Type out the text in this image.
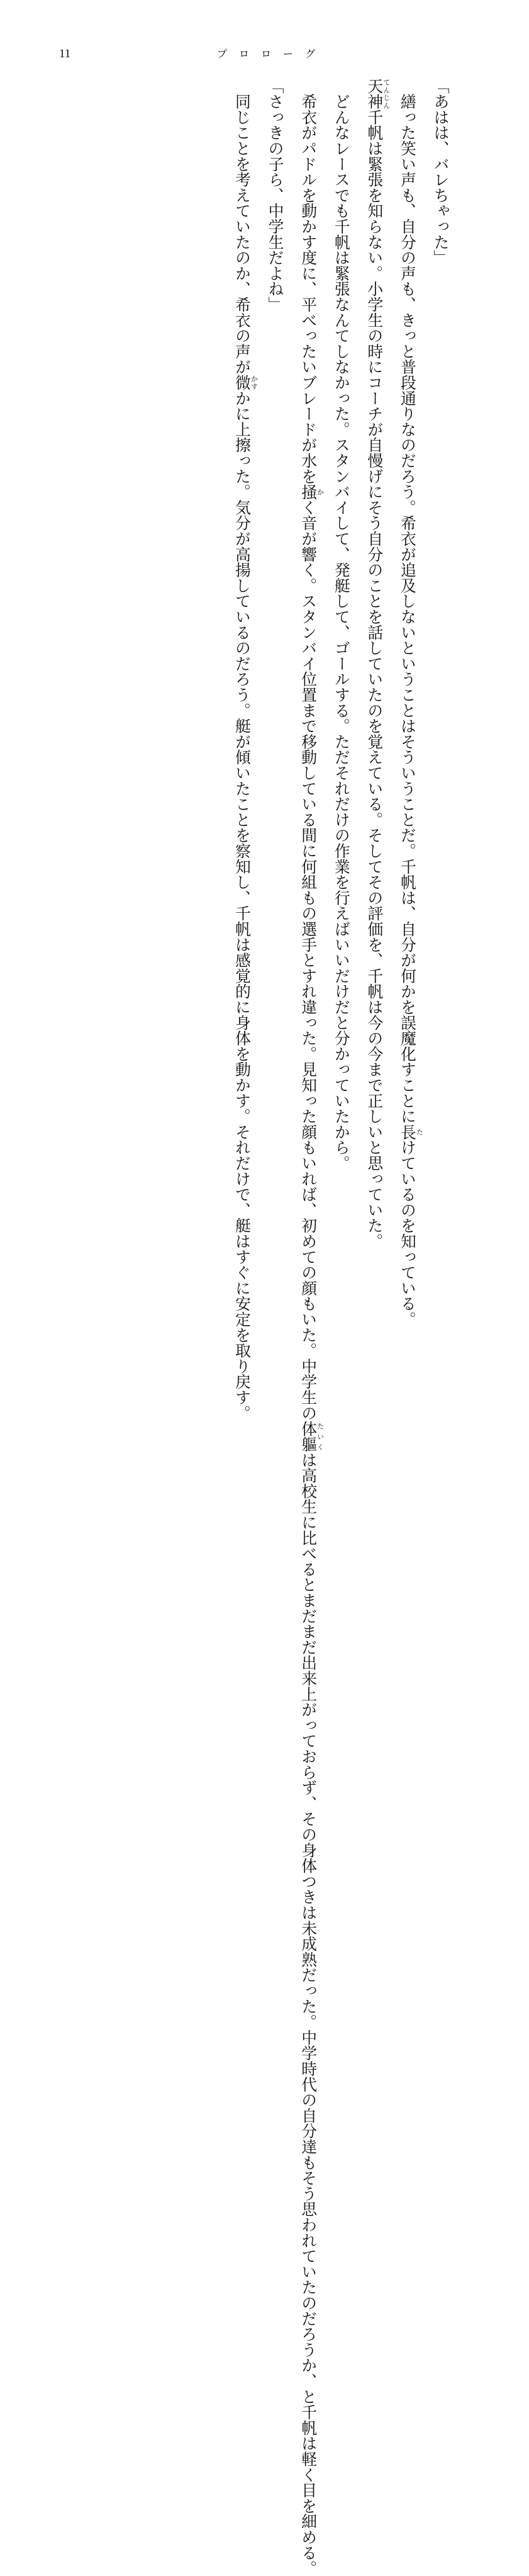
11	プロローグ

「あはは、バレちゃった」

繕った笑い声も、自分の声も、きっと普段通りなのだろう。希衣が追及しないということはそういうことだ。千帆は、自分が何かを誤魔化すことに長たけているのを知っている。

天神てんじん千帆は緊張を知らない。小学生の時にコーチが自慢げにそう自分のことを話していたのを覚えている。そしてその評価を、千帆は今の今まで正しいと思っていた。

どんなレースでも千帆は緊張なんてしなかった。スタンバイして、発艇して、ゴールする。ただそれだけの作業を行えばいいだけだと分かっていたから。

希衣がパドルを動かす度に、平べったいブレードが水を掻かく音が響く。スタンバイ位置まで移動している間に何組もの選手とすれ違った。見知った顔もいれば、初めての顔もいた。中学生の体軀たいくは高校生に比べるとまだまだ出来上がっておらず、その身体つきは未成熟だった。中学時代の自分達もそう思われていたのだろうか、と千帆は軽く目を細める。

「さっきの子ら、中学生だよね」

同じことを考えていたのか、希衣の声が微かすかに上擦った。気分が高揚しているのだろう。艇が傾いたことを察知し、千帆は感覚的に身体を動かす。それだけで、艇はすぐに安定を取り戻す。
